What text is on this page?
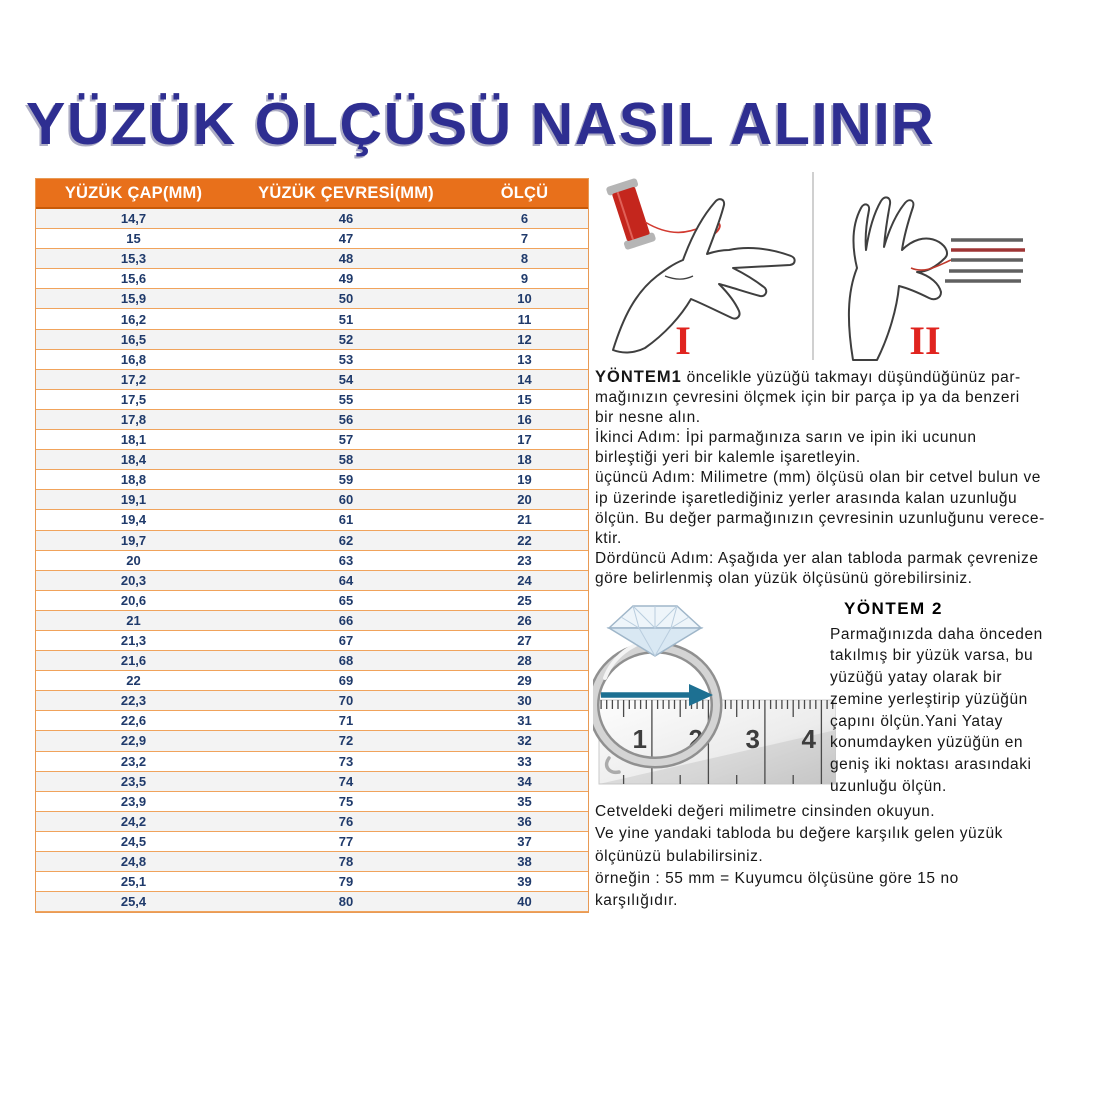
YÜZÜK ÖLÇÜSÜ NASIL ALINIR
YÜZÜK ÇAP(MM)	YÜZÜK ÇEVRESİ(MM)	ÖLÇÜ
14,7	46	6
15	47	7
15,3	48	8
15,6	49	9
15,9	50	10
16,2	51	11
16,5	52	12
16,8	53	13
17,2	54	14
17,5	55	15
17,8	56	16
18,1	57	17
18,4	58	18
18,8	59	19
19,1	60	20
19,4	61	21
19,7	62	22
20	63	23
20,3	64	24
20,6	65	25
21	66	26
21,3	67	27
21,6	68	28
22	69	29
22,3	70	30
22,6	71	31
22,9	72	32
23,2	73	33
23,5	74	34
23,9	75	35
24,2	76	36
24,5	77	37
24,8	78	38
25,1	79	39
25,4	80	40
I	II
YÖNTEM1 öncelikle yüzüğü takmayı düşündüğünüz par-
mağınızın çevresini ölçmek için bir parça ip ya da benzeri
bir nesne alın.
İkinci Adım: İpi parmağınıza sarın ve ipin iki ucunun
birleştiği yeri bir kalemle işaretleyin.
üçüncü Adım: Milimetre (mm) ölçüsü olan bir cetvel bulun ve
ip üzerinde işaretlediğiniz yerler arasında kalan uzunluğu
ölçün. Bu değer parmağınızın çevresinin uzunluğunu verece-
ktir.
Dördüncü Adım: Aşağıda yer alan tabloda parmak çevrenize
göre belirlenmiş olan yüzük ölçüsünü görebilirsiniz.
1 2 3 4
YÖNTEM 2
Parmağınızda daha önceden
takılmış bir yüzük varsa, bu
yüzüğü yatay olarak bir
zemine yerleştirip yüzüğün
çapını ölçün.Yani Yatay
konumdayken yüzüğün en
geniş iki noktası arasındaki
uzunluğu ölçün.
Cetveldeki değeri milimetre cinsinden okuyun.
Ve yine yandaki tabloda bu değere karşılık gelen yüzük
ölçünüzü bulabilirsiniz.
örneğin : 55 mm = Kuyumcu ölçüsüne göre 15 no
karşılığıdır.
